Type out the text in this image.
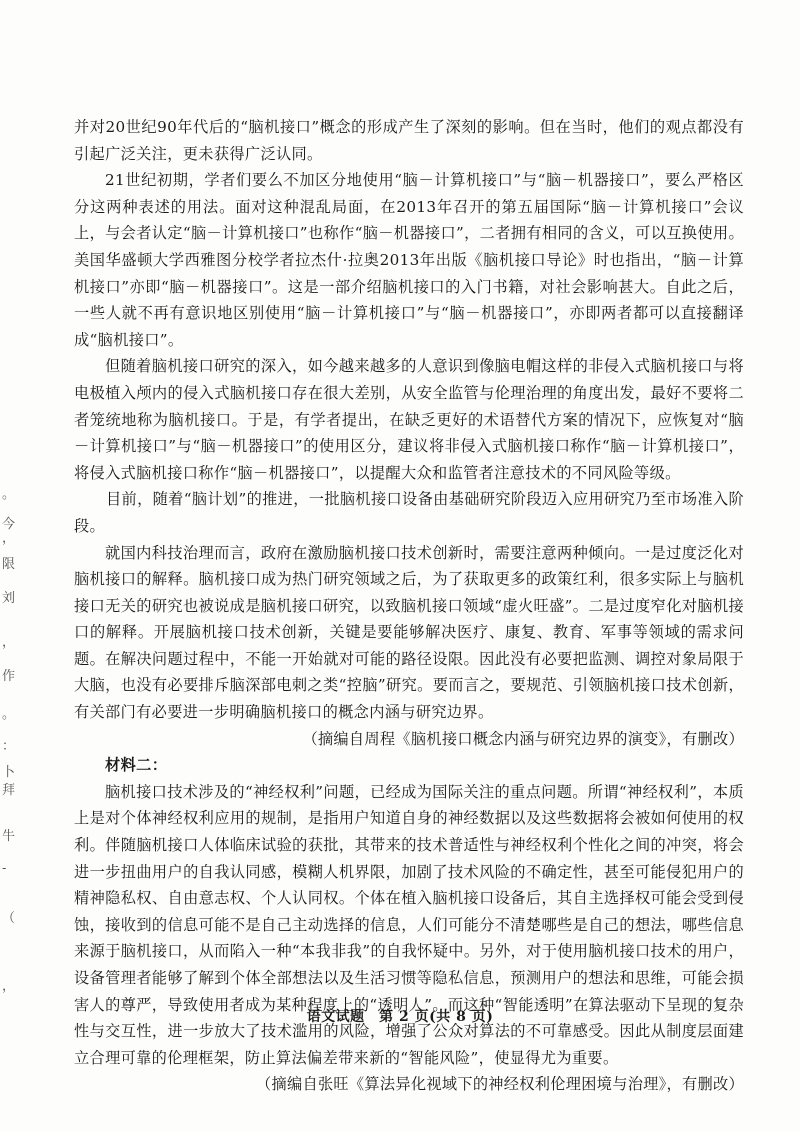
。
今
，
限
刘
，
作
。
：
卜
拜
牛
-
（
，

并对20世纪90年代后的“脑机接口”概念的形成产生了深刻的影响。但在当时，他们的观点都没有引起广泛关注，更未获得广泛认同。

21世纪初期，学者们要么不加区分地使用“脑－计算机接口”与“脑－机器接口”，要么严格区分这两种表述的用法。面对这种混乱局面，在2013年召开的第五届国际“脑－计算机接口”会议上，与会者认定“脑－计算机接口”也称作“脑－机器接口”，二者拥有相同的含义，可以互换使用。美国华盛顿大学西雅图分校学者拉杰什·拉奥2013年出版《脑机接口导论》时也指出，“脑－计算机接口”亦即“脑－机器接口”。这是一部介绍脑机接口的入门书籍，对社会影响甚大。自此之后，一些人就不再有意识地区别使用“脑－计算机接口”与“脑－机器接口”，亦即两者都可以直接翻译成“脑机接口”。

但随着脑机接口研究的深入，如今越来越多的人意识到像脑电帽这样的非侵入式脑机接口与将电极植入颅内的侵入式脑机接口存在很大差别，从安全监管与伦理治理的角度出发，最好不要将二者笼统地称为脑机接口。于是，有学者提出，在缺乏更好的术语替代方案的情况下，应恢复对“脑－计算机接口”与“脑－机器接口”的使用区分，建议将非侵入式脑机接口称作“脑－计算机接口”，将侵入式脑机接口称作“脑－机器接口”，以提醒大众和监管者注意技术的不同风险等级。

目前，随着“脑计划”的推进，一批脑机接口设备由基础研究阶段迈入应用研究乃至市场准入阶段。

就国内科技治理而言，政府在激励脑机接口技术创新时，需要注意两种倾向。一是过度泛化对脑机接口的解释。脑机接口成为热门研究领域之后，为了获取更多的政策红利，很多实际上与脑机接口无关的研究也被说成是脑机接口研究，以致脑机接口领域“虚火旺盛”。二是过度窄化对脑机接口的解释。开展脑机接口技术创新，关键是要能够解决医疗、康复、教育、军事等领域的需求问题。在解决问题过程中，不能一开始就对可能的路径设限。因此没有必要把监测、调控对象局限于大脑，也没有必要排斥脑深部电刺之类“控脑”研究。要而言之，要规范、引领脑机接口技术创新，有关部门有必要进一步明确脑机接口的概念内涵与研究边界。

（摘编自周程《脑机接口概念内涵与研究边界的演变》，有删改）

材料二：

脑机接口技术涉及的“神经权利”问题，已经成为国际关注的重点问题。所谓“神经权利”，本质上是对个体神经权利应用的规制，是指用户知道自身的神经数据以及这些数据将会被如何使用的权利。伴随脑机接口人体临床试验的获批，其带来的技术普适性与神经权利个性化之间的冲突，将会进一步扭曲用户的自我认同感，模糊人机界限，加剧了技术风险的不确定性，甚至可能侵犯用户的精神隐私权、自由意志权、个人认同权。个体在植入脑机接口设备后，其自主选择权可能会受到侵蚀，接收到的信息可能不是自己主动选择的信息，人们可能分不清楚哪些是自己的想法，哪些信息来源于脑机接口，从而陷入一种“本我非我”的自我怀疑中。另外，对于使用脑机接口技术的用户，设备管理者能够了解到个体全部想法以及生活习惯等隐私信息，预测用户的想法和思维，可能会损害人的尊严，导致使用者成为某种程度上的“透明人”。而这种“智能透明”在算法驱动下呈现的复杂性与交互性，进一步放大了技术滥用的风险，增强了公众对算法的不可靠感受。因此从制度层面建立合理可靠的伦理框架，防止算法偏差带来新的“智能风险”，使显得尤为重要。

（摘编自张旺《算法异化视域下的神经权利伦理困境与治理》，有删改）

语文试题　第 2 页(共 8 页)
